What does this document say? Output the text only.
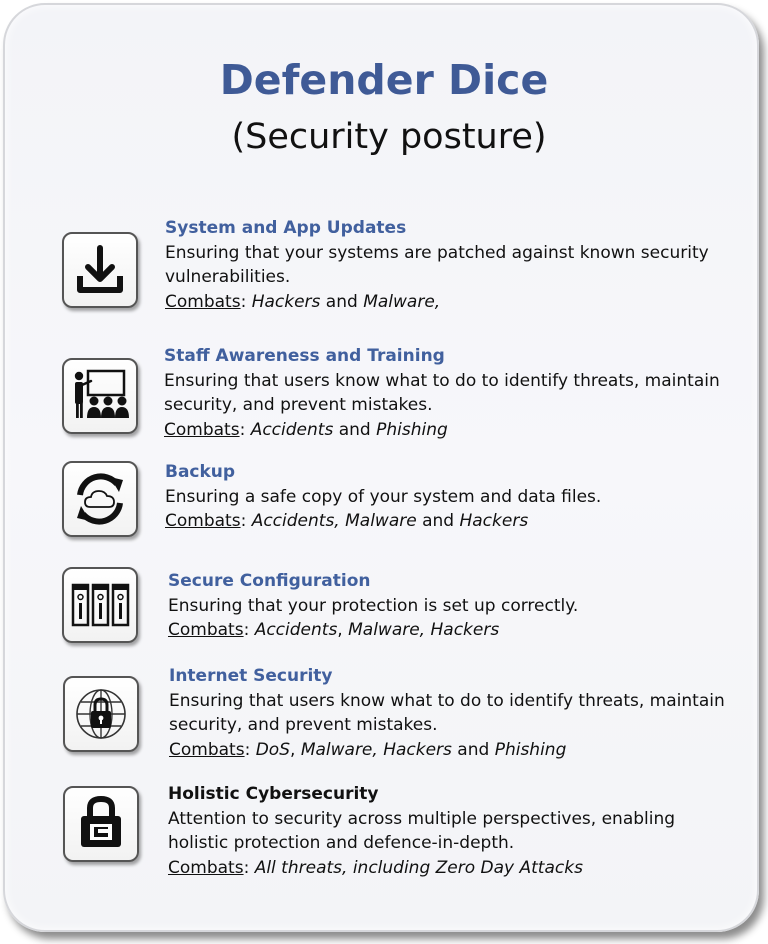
Defender Dice
(Security posture)
System and App Updates
Ensuring that your systems are patched against known security vulnerabilities.
Combats: Hackers and Malware,
Staff Awareness and Training
Ensuring that users know what to do to identify threats, maintain security, and prevent mistakes.
Combats: Accidents and Phishing
Backup
Ensuring a safe copy of your system and data files.
Combats: Accidents, Malware and Hackers
Secure Configuration
Ensuring that your protection is set up correctly.
Combats: Accidents, Malware, Hackers
Internet Security
Ensuring that users know what to do to identify threats, maintain security, and prevent mistakes.
Combats: DoS, Malware, Hackers and Phishing
Holistic Cybersecurity
Attention to security across multiple perspectives, enabling holistic protection and defence-in-depth.
Combats: All threats, including Zero Day Attacks
